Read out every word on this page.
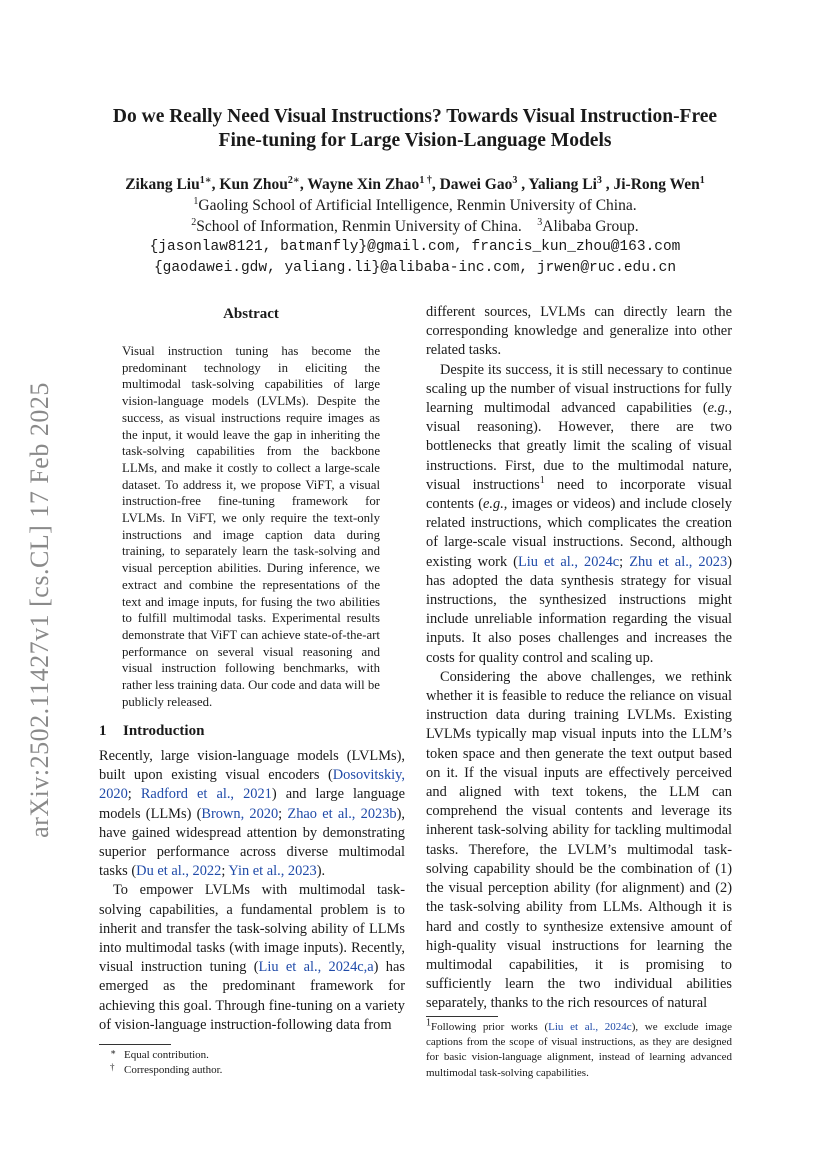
arXiv:2502.11427v1 [cs.CL] 17 Feb 2025
Do we Really Need Visual Instructions? Towards Visual Instruction-Free
Fine-tuning for Large Vision-Language Models
Zikang Liu$^{1∗}$, Kun Zhou$^{2∗}$, Wayne Xin Zhao$^{1 \dagger}$, Dawei Gao$^3$ , Yaliang Li$^3$ , Ji-Rong Wen$^1$
$^1$Gaoling School of Artificial Intelligence, Renmin University of China.
$^2$School of Information, Renmin University of China. $^3$Alibaba Group.
{jasonlaw8121, batmanfly}@gmail.com, francis_kun_zhou@163.com
{gaodawei.gdw, yaliang.li}@alibaba-inc.com, jrwen@ruc.edu.cn
Abstract
Visual instruction tuning has become the predominant technology in eliciting the multimodal task-solving capabilities of large vision-language models (LVLMs). Despite the success, as visual instructions require images as the input, it would leave the gap in inheriting the task-solving capabilities from the backbone LLMs, and make it costly to collect a large-scale dataset. To address it, we propose ViFT, a visual instruction-free fine-tuning framework for LVLMs. In ViFT, we only require the text-only instructions and image caption data during training, to separately learn the task-solving and visual perception abilities. During inference, we extract and combine the representations of the text and image inputs, for fusing the two abilities to fulfill multimodal tasks. Experimental results demonstrate that ViFT can achieve state-of-the-art performance on several visual reasoning and visual instruction following benchmarks, with rather less training data. Our code and data will be publicly released.
1 Introduction

Recently, large vision-language models (LVLMs), built upon existing visual encoders (Dosovitskiy, 2020; Radford et al., 2021) and large language models (LLMs) (Brown, 2020; Zhao et al., 2023b), have gained widespread attention by demonstrating superior performance across diverse multimodal tasks (Du et al., 2022; Yin et al., 2023).

To empower LVLMs with multimodal task-solving capabilities, a fundamental problem is to inherit and transfer the task-solving ability of LLMs into multimodal tasks (with image inputs). Recently, visual instruction tuning (Liu et al., 2024c,a) has emerged as the predominant framework for achieving this goal. Through fine-tuning on a variety of vision-language instruction-following data from

different sources, LVLMs can directly learn the corresponding knowledge and generalize into other related tasks.

Despite its success, it is still necessary to continue scaling up the number of visual instructions for fully learning multimodal advanced capabilities (e.g., visual reasoning). However, there are two bottlenecks that greatly limit the scaling of visual instructions. First, due to the multimodal nature, visual instructions$^1$ need to incorporate visual contents (e.g., images or videos) and include closely related instructions, which complicates the creation of large-scale visual instructions. Second, although existing work (Liu et al., 2024c; Zhu et al., 2023) has adopted the data synthesis strategy for visual instructions, the synthesized instructions might include unreliable information regarding the visual inputs. It also poses challenges and increases the costs for quality control and scaling up.

Considering the above challenges, we rethink whether it is feasible to reduce the reliance on visual instruction data during training LVLMs. Existing LVLMs typically map visual inputs into the LLM’s token space and then generate the text output based on it. If the visual inputs are effectively perceived and aligned with text tokens, the LLM can comprehend the visual contents and leverage its inherent task-solving ability for tackling multimodal tasks. Therefore, the LVLM’s multimodal task-solving capability should be the combination of (1) the visual perception ability (for alignment) and (2) the task-solving ability from LLMs. Although it is hard and costly to synthesize extensive amount of high-quality visual instructions for learning the multimodal capabilities, it is promising to sufficiently learn the two individual abilities separately, thanks to the rich resources of natural

∗ Equal contribution.
† Corresponding author.
$^1$Following prior works (Liu et al., 2024c), we exclude image captions from the scope of visual instructions, as they are designed for basic vision-language alignment, instead of learning advanced multimodal task-solving capabilities.
